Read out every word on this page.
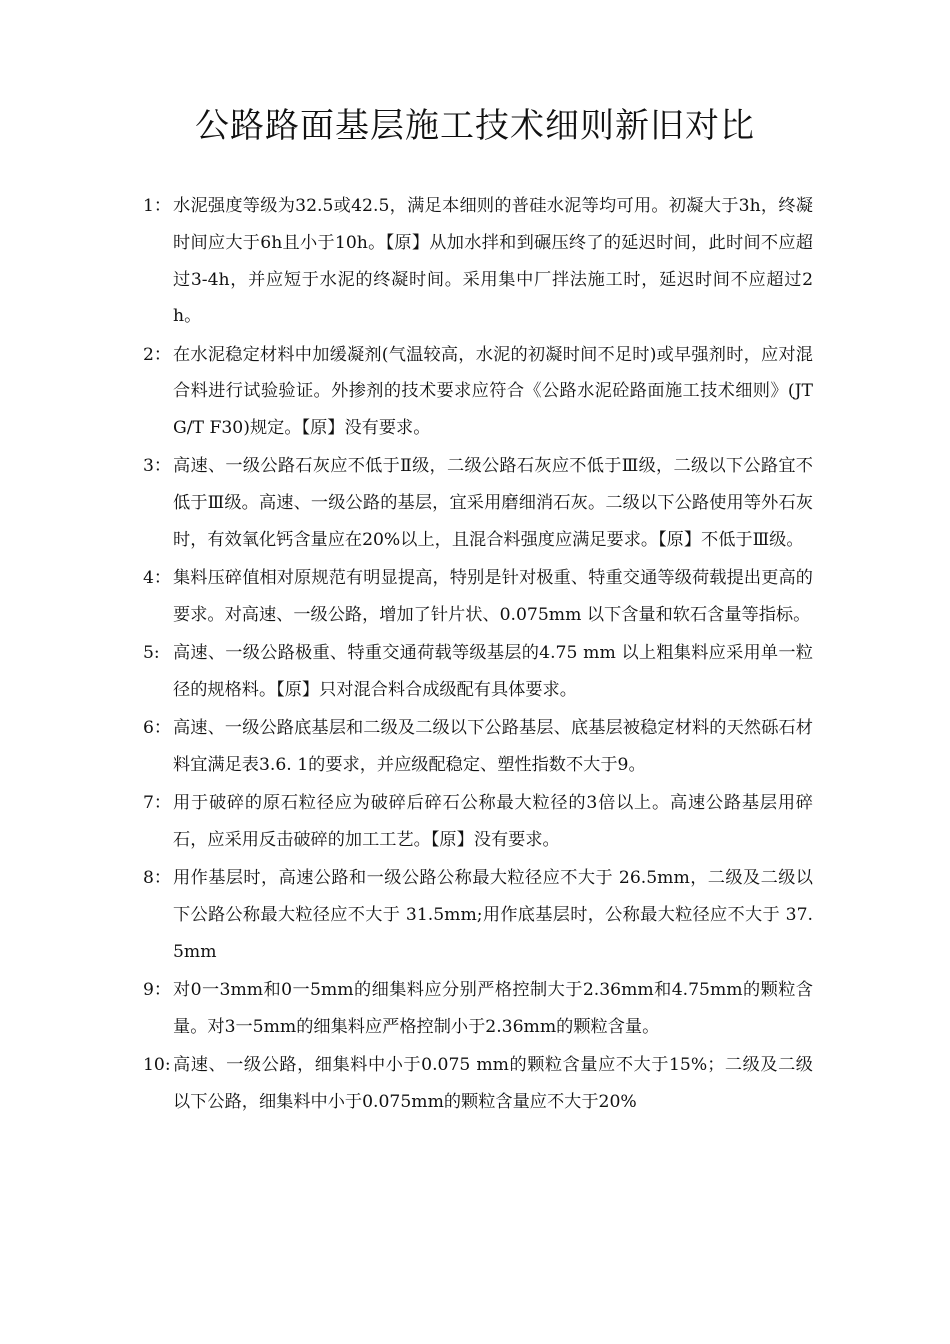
公路路面基层施工技术细则新旧对比
1： 水泥强度等级为32.5或42.5，满足本细则的普硅水泥等均可用。初凝大于3h，终凝时间应大于6h且小于10h。【原】从加水拌和到碾压终了的延迟时间，此时间不应超过3-4h，并应短于水泥的终凝时间。采用集中厂拌法施工时，延迟时间不应超过2h。
2： 在水泥稳定材料中加缓凝剂(气温较高，水泥的初凝时间不足时)或早强剂时，应对混合料进行试验验证。外掺剂的技术要求应符合《公路水泥砼路面施工技术细则》(JTG/T F30)规定。【原】没有要求。
3： 高速、一级公路石灰应不低于Ⅱ级，二级公路石灰应不低于Ⅲ级，二级以下公路宜不低于Ⅲ级。高速、一级公路的基层，宜采用磨细消石灰。二级以下公路使用等外石灰时，有效氧化钙含量应在20%以上，且混合料强度应满足要求。【原】不低于Ⅲ级。
4： 集料压碎值相对原规范有明显提高，特别是针对极重、特重交通等级荷载提出更高的要求。对高速、一级公路，增加了针片状、0.075mm 以下含量和软石含量等指标。
5: 高速、一级公路极重、特重交通荷载等级基层的4.75 mm 以上粗集料应采用单一粒径的规格料。【原】只对混合料合成级配有具体要求。
6： 高速、一级公路底基层和二级及二级以下公路基层、底基层被稳定材料的天然砾石材料宜满足表3.6. 1的要求，并应级配稳定、塑性指数不大于9。
7： 用于破碎的原石粒径应为破碎后碎石公称最大粒径的3倍以上。高速公路基层用碎石，应采用反击破碎的加工工艺。【原】没有要求。
8： 用作基层时，高速公路和一级公路公称最大粒径应不大于 26.5mm，二级及二级以下公路公称最大粒径应不大于 31.5mm;用作底基层时，公称最大粒径应不大于 37.5mm
9： 对0一3mm和0一5mm的细集料应分别严格控制大于2.36mm和4.75mm的颗粒含量。对3一5mm的细集料应严格控制小于2.36mm的颗粒含量。
10: 高速、一级公路，细集料中小于0.075 mm的颗粒含量应不大于15%；二级及二级以下公路，细集料中小于0.075mm的颗粒含量应不大于20%
